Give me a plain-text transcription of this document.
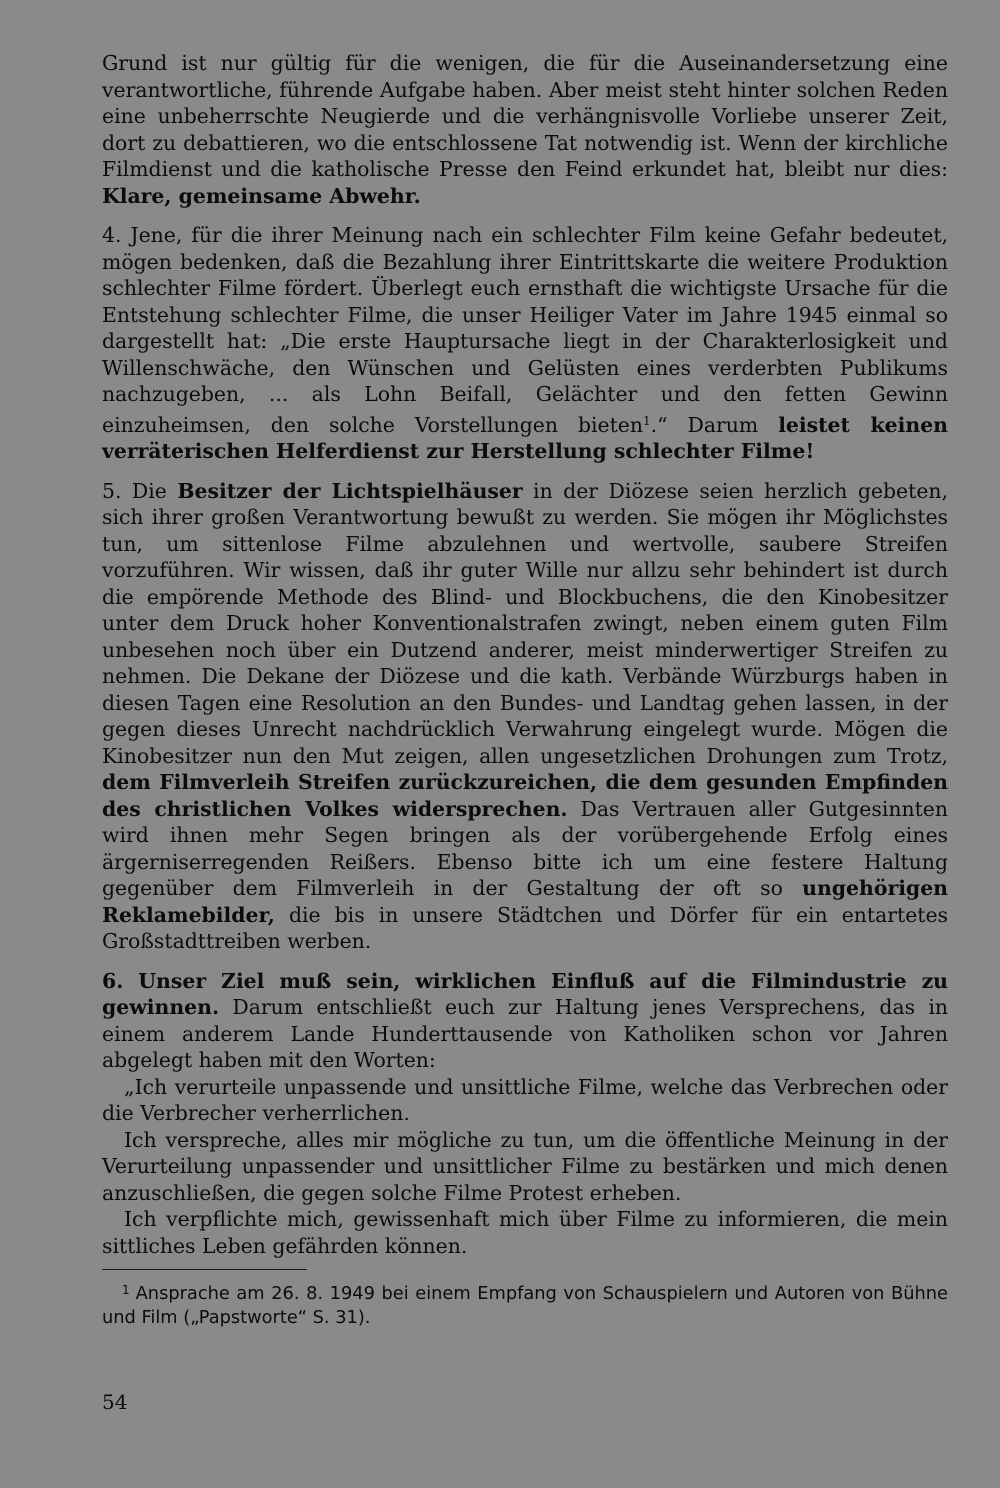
Grund ist nur gültig für die wenigen, die für die Auseinandersetzung eine verantwortliche, führende Aufgabe haben. Aber meist steht hinter solchen Reden eine unbeherrschte Neugierde und die verhängnisvolle Vorliebe unserer Zeit, dort zu debattieren, wo die entschlossene Tat notwendig ist. Wenn der kirchliche Filmdienst und die katholische Presse den Feind erkundet hat, bleibt nur dies: Klare, gemeinsame Abwehr.

4. Jene, für die ihrer Meinung nach ein schlechter Film keine Gefahr bedeutet, mögen bedenken, daß die Bezahlung ihrer Eintrittskarte die weitere Produktion schlechter Filme fördert. Überlegt euch ernsthaft die wichtigste Ursache für die Entstehung schlechter Filme, die unser Heiliger Vater im Jahre 1945 einmal so dargestellt hat: „Die erste Hauptursache liegt in der Charakterlosigkeit und Willenschwäche, den Wünschen und Gelüsten eines verderbten Publikums nachzugeben, ... als Lohn Beifall, Gelächter und den fetten Gewinn einzuheimsen, den solche Vorstellungen bieten$^1$.“ Darum leistet keinen verräterischen Helferdienst zur Herstellung schlechter Filme!

5. Die Besitzer der Lichtspielhäuser in der Diözese seien herzlich gebeten, sich ihrer großen Verantwortung bewußt zu werden. Sie mögen ihr Möglichstes tun, um sittenlose Filme abzulehnen und wertvolle, saubere Streifen vorzuführen. Wir wissen, daß ihr guter Wille nur allzu sehr behindert ist durch die empörende Methode des Blind- und Blockbuchens, die den Kinobesitzer unter dem Druck hoher Konventionalstrafen zwingt, neben einem guten Film unbesehen noch über ein Dutzend anderer, meist minderwertiger Streifen zu nehmen. Die Dekane der Diözese und die kath. Verbände Würzburgs haben in diesen Tagen eine Resolution an den Bundes- und Landtag gehen lassen, in der gegen dieses Unrecht nachdrücklich Verwahrung eingelegt wurde. Mögen die Kinobesitzer nun den Mut zeigen, allen ungesetzlichen Drohungen zum Trotz, dem Filmverleih Streifen zurückzureichen, die dem gesunden Empfinden des christlichen Volkes widersprechen. Das Vertrauen aller Gutgesinnten wird ihnen mehr Segen bringen als der vorübergehende Erfolg eines ärgerniserregenden Reißers. Ebenso bitte ich um eine festere Haltung gegenüber dem Filmverleih in der Gestaltung der oft so ungehörigen Reklamebilder, die bis in unsere Städtchen und Dörfer für ein entartetes Großstadttreiben werben.

6. Unser Ziel muß sein, wirklichen Einfluß auf die Filmindustrie zu gewinnen. Darum entschließt euch zur Haltung jenes Versprechens, das in einem anderem Lande Hunderttausende von Katholiken schon vor Jahren abgelegt haben mit den Worten:

„Ich verurteile unpassende und unsittliche Filme, welche das Verbrechen oder die Verbrecher verherrlichen.

Ich verspreche, alles mir mögliche zu tun, um die öffentliche Meinung in der Verurteilung unpassender und unsittlicher Filme zu bestärken und mich denen anzuschließen, die gegen solche Filme Protest erheben.

Ich verpflichte mich, gewissenhaft mich über Filme zu informieren, die mein sittliches Leben gefährden können.

$^1$ Ansprache am 26. 8. 1949 bei einem Empfang von Schauspielern und Autoren von Bühne und Film („Papstworte“ S. 31).

54
